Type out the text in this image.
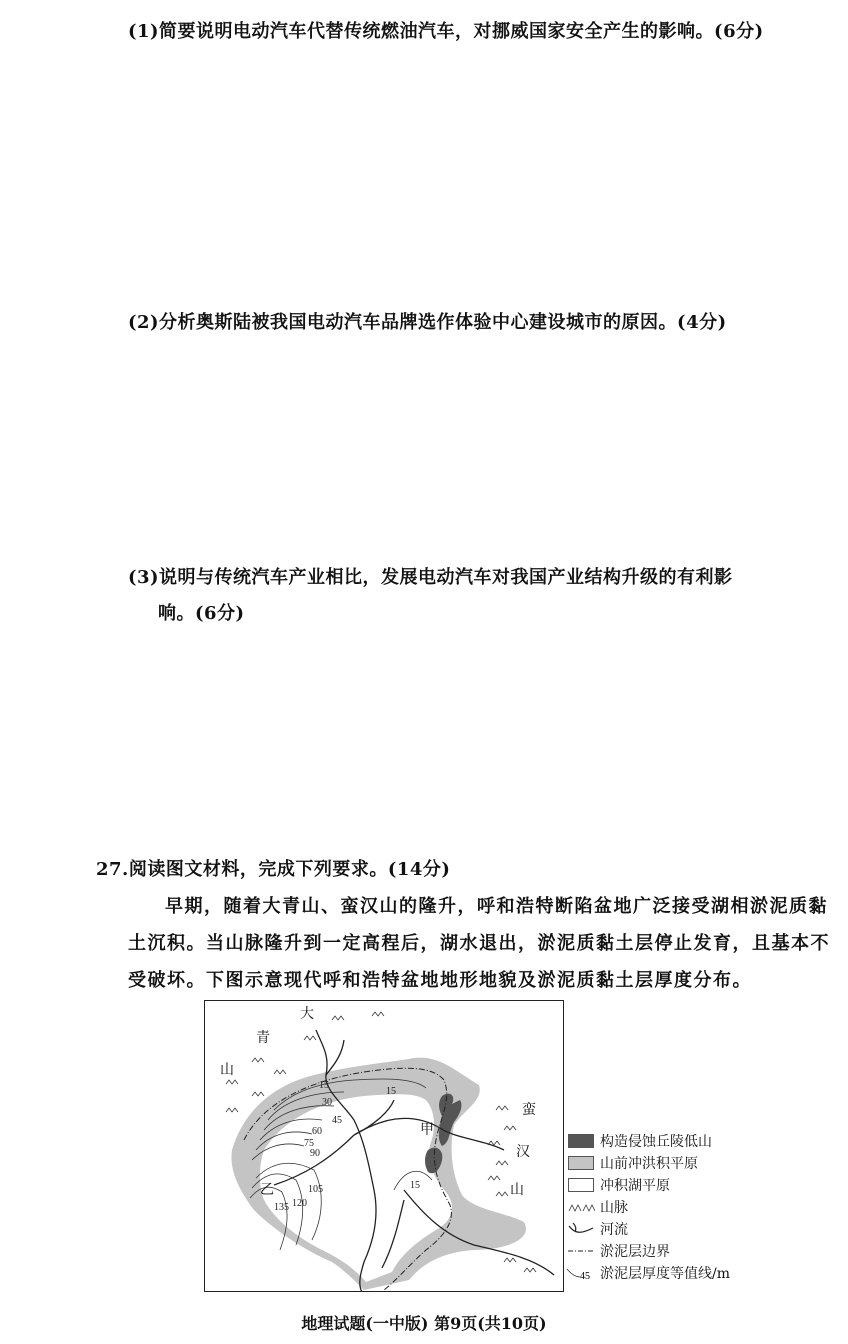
(1)简要说明电动汽车代替传统燃油汽车，对挪威国家安全产生的影响。(6分)
(2)分析奥斯陆被我国电动汽车品牌选作体验中心建设城市的原因。(4分)
(3)说明与传统汽车产业相比，发展电动汽车对我国产业结构升级的有利影
响。(6分)
27.阅读图文材料，完成下列要求。(14分)
早期，随着大青山、蛮汉山的隆升，呼和浩特断陷盆地广泛接受湖相淤泥质黏
土沉积。当山脉隆升到一定高程后，湖水退出，淤泥质黏土层停止发育，且基本不
受破坏。下图示意现代呼和浩特盆地地形地貌及淤泥质黏土层厚度分布。
大
青
山
蛮
汉
山
甲
乙
15
30
45
60
75
90
105
120
135
15
15
构造侵蚀丘陵低山
山前冲洪积平原
冲积湖平原
山脉
河流
淤泥层边界
45 淤泥层厚度等值线/m
地理试题(一中版) 第9页(共10页)
